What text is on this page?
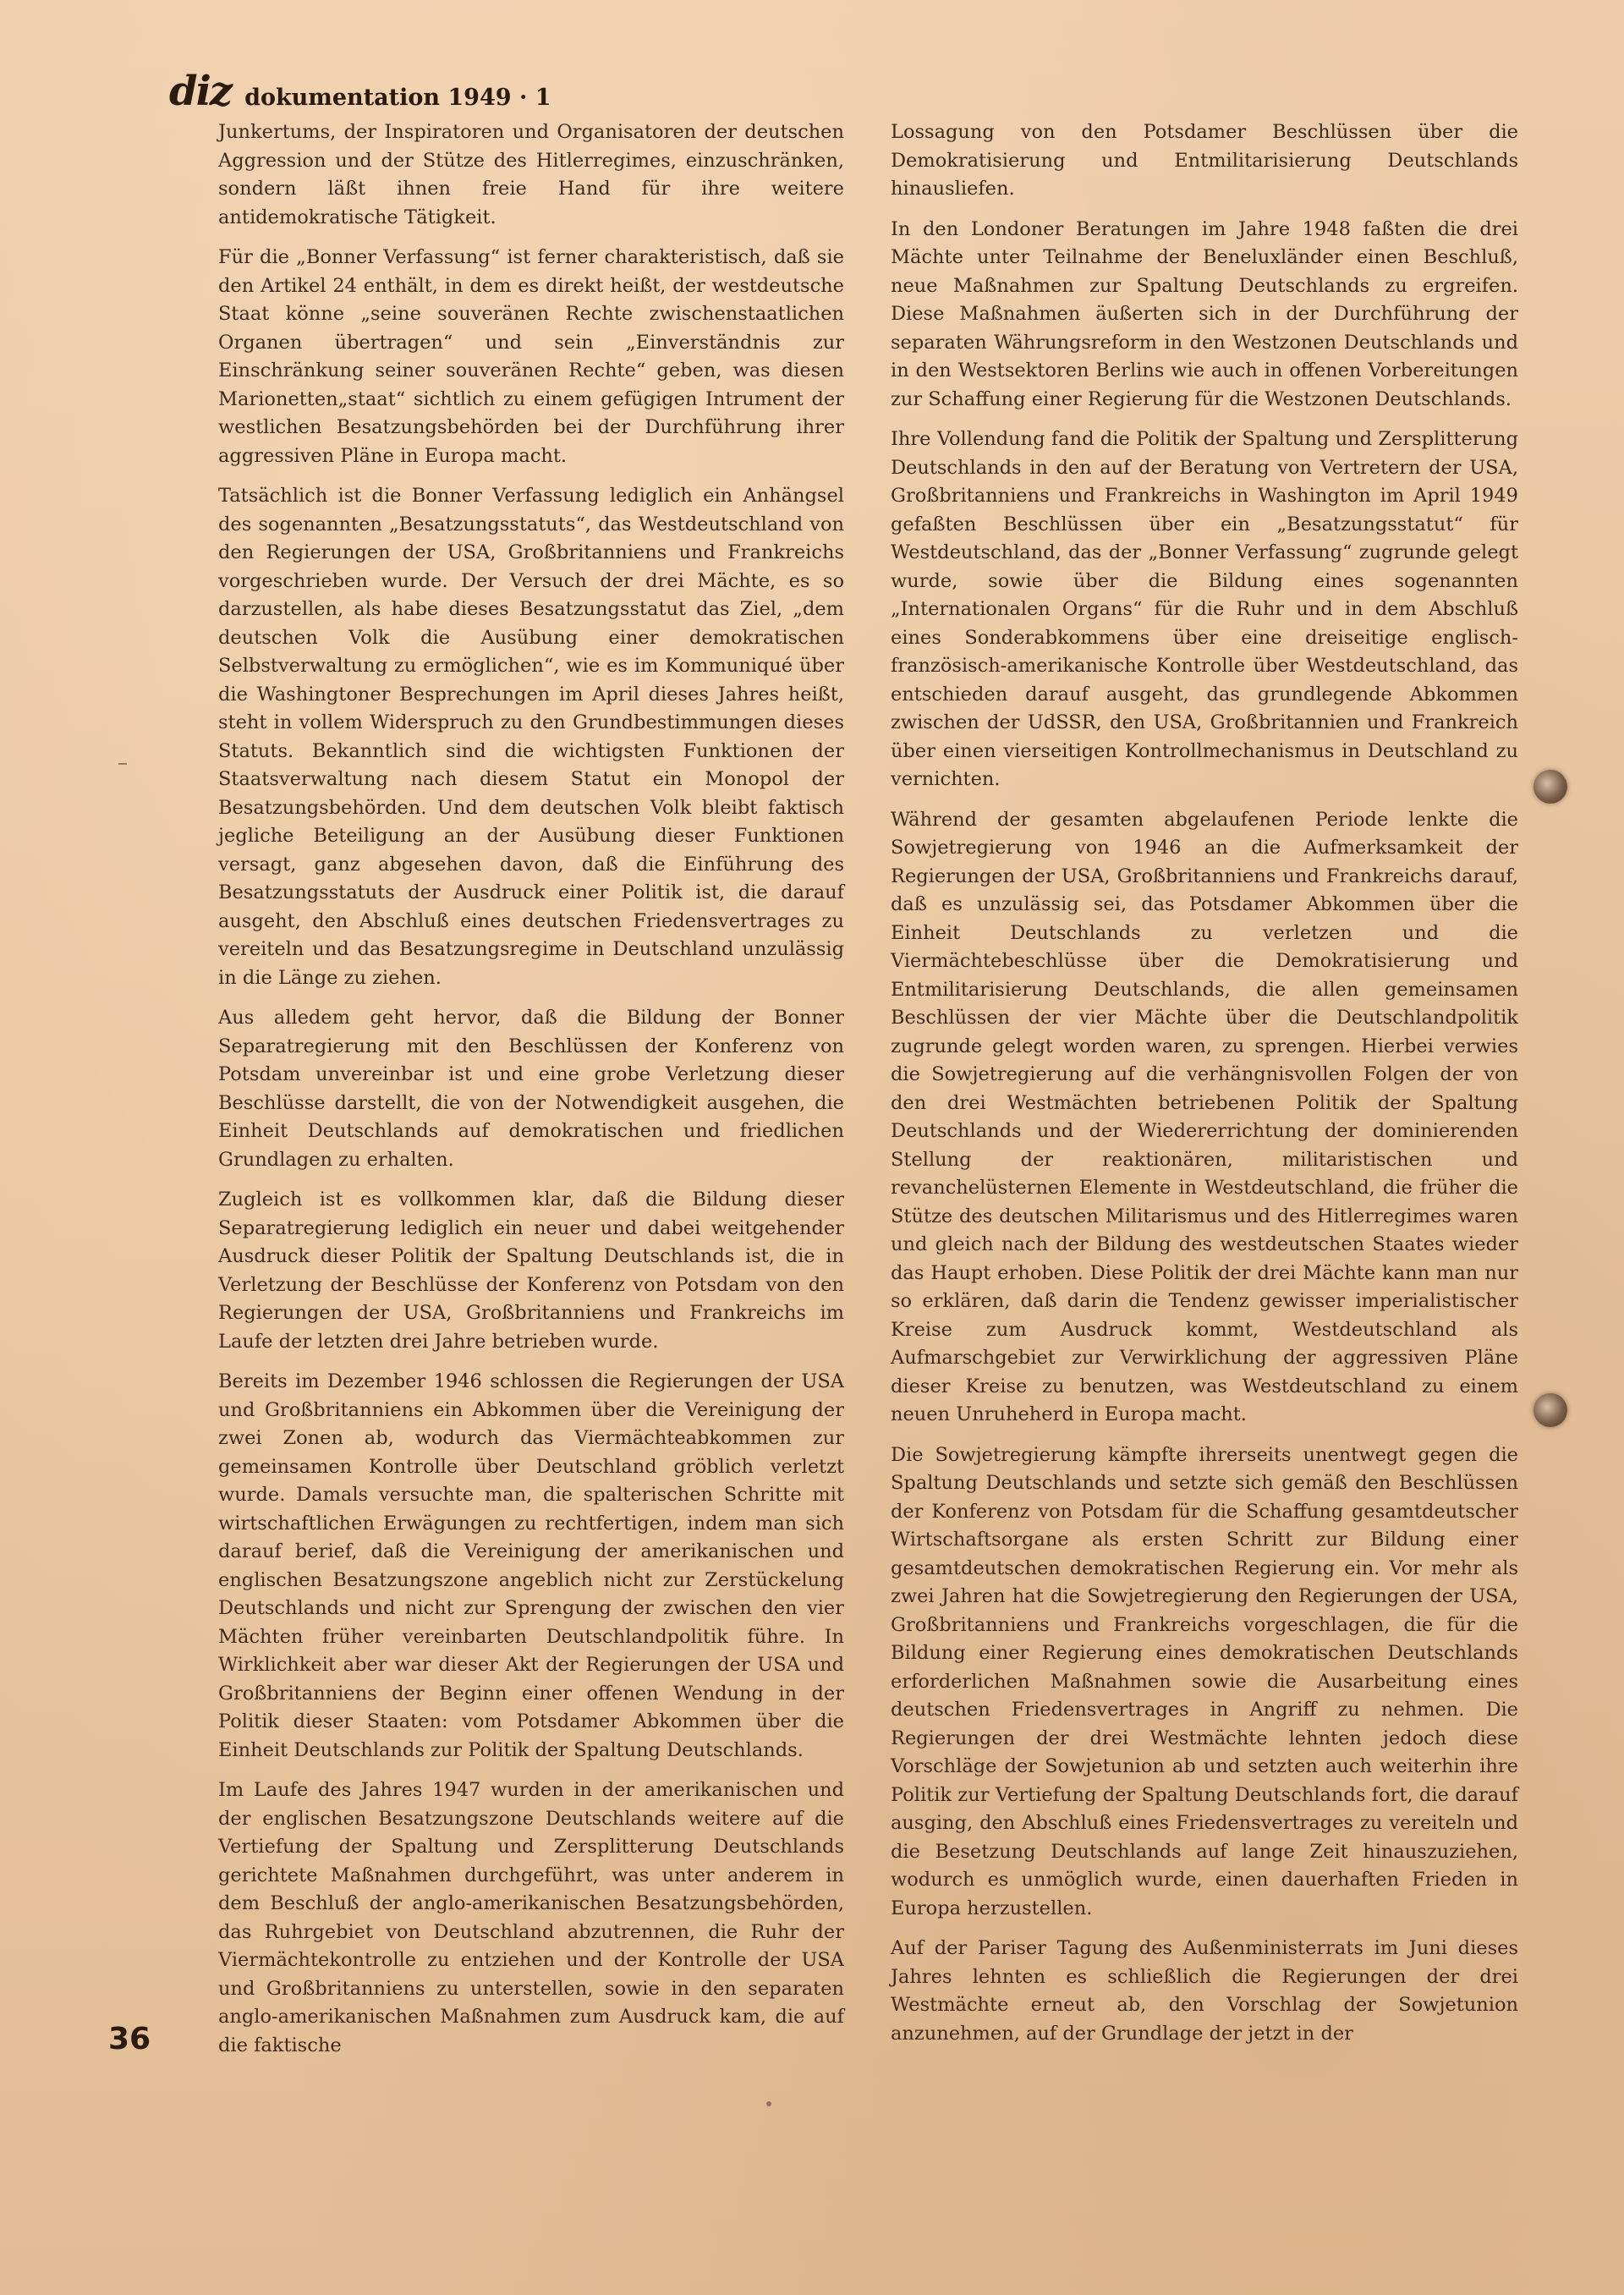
diz dokumentation 1949 · 1

Junkertums, der Inspiratoren und Organisatoren der deutschen Aggression und der Stütze des Hitlerregimes, einzuschränken, sondern läßt ihnen freie Hand für ihre weitere antidemokratische Tätigkeit.

Für die „Bonner Verfassung“ ist ferner charakteristisch, daß sie den Artikel 24 enthält, in dem es direkt heißt, der westdeutsche Staat könne „seine souveränen Rechte zwischenstaatlichen Organen übertragen“ und sein „Einverständnis zur Einschränkung seiner souveränen Rechte“ geben, was diesen Marionetten„staat“ sichtlich zu einem gefügigen Intrument der westlichen Besatzungsbehörden bei der Durchführung ihrer aggressiven Pläne in Europa macht.

Tatsächlich ist die Bonner Verfassung lediglich ein Anhängsel des sogenannten „Besatzungsstatuts“, das Westdeutschland von den Regierungen der USA, Großbritanniens und Frankreichs vorgeschrieben wurde. Der Versuch der drei Mächte, es so darzustellen, als habe dieses Besatzungsstatut das Ziel, „dem deutschen Volk die Ausübung einer demokratischen Selbstverwaltung zu ermöglichen“, wie es im Kommuniqué über die Washingtoner Besprechungen im April dieses Jahres heißt, steht in vollem Widerspruch zu den Grundbestimmungen dieses Statuts. Bekanntlich sind die wichtigsten Funktionen der Staatsverwaltung nach diesem Statut ein Monopol der Besatzungsbehörden. Und dem deutschen Volk bleibt faktisch jegliche Beteiligung an der Ausübung dieser Funktionen versagt, ganz abgesehen davon, daß die Einführung des Besatzungsstatuts der Ausdruck einer Politik ist, die darauf ausgeht, den Abschluß eines deutschen Friedensvertrages zu vereiteln und das Besatzungsregime in Deutschland unzulässig in die Länge zu ziehen.

Aus alledem geht hervor, daß die Bildung der Bonner Separatregierung mit den Beschlüssen der Konferenz von Potsdam unvereinbar ist und eine grobe Verletzung dieser Beschlüsse darstellt, die von der Notwendigkeit ausgehen, die Einheit Deutschlands auf demokratischen und friedlichen Grundlagen zu erhalten.

Zugleich ist es vollkommen klar, daß die Bildung dieser Separatregierung lediglich ein neuer und dabei weitgehender Ausdruck dieser Politik der Spaltung Deutschlands ist, die in Verletzung der Beschlüsse der Konferenz von Potsdam von den Regierungen der USA, Großbritanniens und Frankreichs im Laufe der letzten drei Jahre betrieben wurde.

Bereits im Dezember 1946 schlossen die Regierungen der USA und Großbritanniens ein Abkommen über die Vereinigung der zwei Zonen ab, wodurch das Viermächteabkommen zur gemeinsamen Kontrolle über Deutschland gröblich verletzt wurde. Damals versuchte man, die spalterischen Schritte mit wirtschaftlichen Erwägungen zu rechtfertigen, indem man sich darauf berief, daß die Vereinigung der amerikanischen und englischen Besatzungszone angeblich nicht zur Zerstückelung Deutschlands und nicht zur Sprengung der zwischen den vier Mächten früher vereinbarten Deutschlandpolitik führe. In Wirklichkeit aber war dieser Akt der Regierungen der USA und Großbritanniens der Beginn einer offenen Wendung in der Politik dieser Staaten: vom Potsdamer Abkommen über die Einheit Deutschlands zur Politik der Spaltung Deutschlands.

Im Laufe des Jahres 1947 wurden in der amerikanischen und der englischen Besatzungszone Deutschlands weitere auf die Vertiefung der Spaltung und Zersplitterung Deutschlands gerichtete Maßnahmen durchgeführt, was unter anderem in dem Beschluß der anglo-amerikanischen Besatzungsbehörden, das Ruhrgebiet von Deutschland abzutrennen, die Ruhr der Viermächtekontrolle zu entziehen und der Kontrolle der USA und Großbritanniens zu unterstellen, sowie in den separaten anglo-amerikanischen Maßnahmen zum Ausdruck kam, die auf die faktische

Lossagung von den Potsdamer Beschlüssen über die Demokratisierung und Entmilitarisierung Deutschlands hinausliefen.

In den Londoner Beratungen im Jahre 1948 faßten die drei Mächte unter Teilnahme der Beneluxländer einen Beschluß, neue Maßnahmen zur Spaltung Deutschlands zu ergreifen. Diese Maßnahmen äußerten sich in der Durchführung der separaten Währungsreform in den Westzonen Deutschlands und in den Westsektoren Berlins wie auch in offenen Vorbereitungen zur Schaffung einer Regierung für die Westzonen Deutschlands.

Ihre Vollendung fand die Politik der Spaltung und Zersplitterung Deutschlands in den auf der Beratung von Vertretern der USA, Großbritanniens und Frankreichs in Washington im April 1949 gefaßten Beschlüssen über ein „Besatzungsstatut“ für Westdeutschland, das der „Bonner Verfassung“ zugrunde gelegt wurde, sowie über die Bildung eines sogenannten „Internationalen Organs“ für die Ruhr und in dem Abschluß eines Sonderabkommens über eine dreiseitige englisch-französisch-amerikanische Kontrolle über Westdeutschland, das entschieden darauf ausgeht, das grundlegende Abkommen zwischen der UdSSR, den USA, Großbritannien und Frankreich über einen vierseitigen Kontrollmechanismus in Deutschland zu vernichten.

Während der gesamten abgelaufenen Periode lenkte die Sowjetregierung von 1946 an die Aufmerksamkeit der Regierungen der USA, Großbritanniens und Frankreichs darauf, daß es unzulässig sei, das Potsdamer Abkommen über die Einheit Deutschlands zu verletzen und die Viermächtebeschlüsse über die Demokratisierung und Entmilitarisierung Deutschlands, die allen gemeinsamen Beschlüssen der vier Mächte über die Deutschlandpolitik zugrunde gelegt worden waren, zu sprengen. Hierbei verwies die Sowjetregierung auf die verhängnisvollen Folgen der von den drei Westmächten betriebenen Politik der Spaltung Deutschlands und der Wiedererrichtung der dominierenden Stellung der reaktionären, militaristischen und revanchelüsternen Elemente in Westdeutschland, die früher die Stütze des deutschen Militarismus und des Hitlerregimes waren und gleich nach der Bildung des westdeutschen Staates wieder das Haupt erhoben. Diese Politik der drei Mächte kann man nur so erklären, daß darin die Tendenz gewisser imperialistischer Kreise zum Ausdruck kommt, Westdeutschland als Aufmarschgebiet zur Verwirklichung der aggressiven Pläne dieser Kreise zu benutzen, was Westdeutschland zu einem neuen Unruheherd in Europa macht.

Die Sowjetregierung kämpfte ihrerseits unentwegt gegen die Spaltung Deutschlands und setzte sich gemäß den Beschlüssen der Konferenz von Potsdam für die Schaffung gesamtdeutscher Wirtschaftsorgane als ersten Schritt zur Bildung einer gesamtdeutschen demokratischen Regierung ein. Vor mehr als zwei Jahren hat die Sowjetregierung den Regierungen der USA, Großbritanniens und Frankreichs vorgeschlagen, die für die Bildung einer Regierung eines demokratischen Deutschlands erforderlichen Maßnahmen sowie die Ausarbeitung eines deutschen Friedensvertrages in Angriff zu nehmen. Die Regierungen der drei Westmächte lehnten jedoch diese Vorschläge der Sowjetunion ab und setzten auch weiterhin ihre Politik zur Vertiefung der Spaltung Deutschlands fort, die darauf ausging, den Abschluß eines Friedensvertrages zu vereiteln und die Besetzung Deutschlands auf lange Zeit hinauszuziehen, wodurch es unmöglich wurde, einen dauerhaften Frieden in Europa herzustellen.

Auf der Pariser Tagung des Außenministerrats im Juni dieses Jahres lehnten es schließlich die Regierungen der drei Westmächte erneut ab, den Vorschlag der Sowjetunion anzunehmen, auf der Grundlage der jetzt in der

36
